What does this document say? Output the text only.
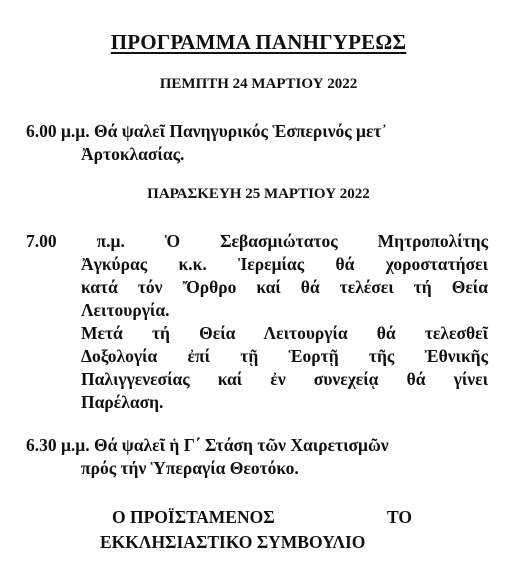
ΠΡΟΓΡΑΜΜΑ ΠΑΝΗΓΥΡΕΩΣ
ΠΕΜΠΤΗ 24 ΜΑΡΤΙΟΥ 2022
6.00 μ.μ. Θά ψαλεῖ Πανηγυρικός Ἑσπερινός μετ᾿
Ἀρτοκλασίας.
ΠΑΡΑΣΚΕΥΗ 25 ΜΑΡΤΙΟΥ 2022
7.00 π.μ. Ὁ Σεβασμιώτατος Μητροπολίτης
Ἀγκύρας κ.κ. Ἱερεμίας θά χοροστατήσει
κατά τόν Ὄρθρο καί θά τελέσει τή Θεία
Λειτουργία.
Μετά τή Θεία Λειτουργία θά τελεσθεῖ
Δοξολογία ἐπί τῇ Ἑορτῇ τῆς Ἐθνικῆς
Παλιγγενεσίας καί ἐν συνεχείᾳ θά γίνει
Παρέλαση.
6.30 μ.μ. Θά ψαλεῖ ἡ Γ΄ Στάση τῶν Χαιρετισμῶν
πρός τήν Ὑπεραγία Θεοτόκο.
Ο ΠΡΟΪΣΤΑΜΕΝΟΣ	ΤΟ
ΕΚΚΛΗΣΙΑΣΤΙΚΟ ΣΥΜΒΟΥΛΙΟ
